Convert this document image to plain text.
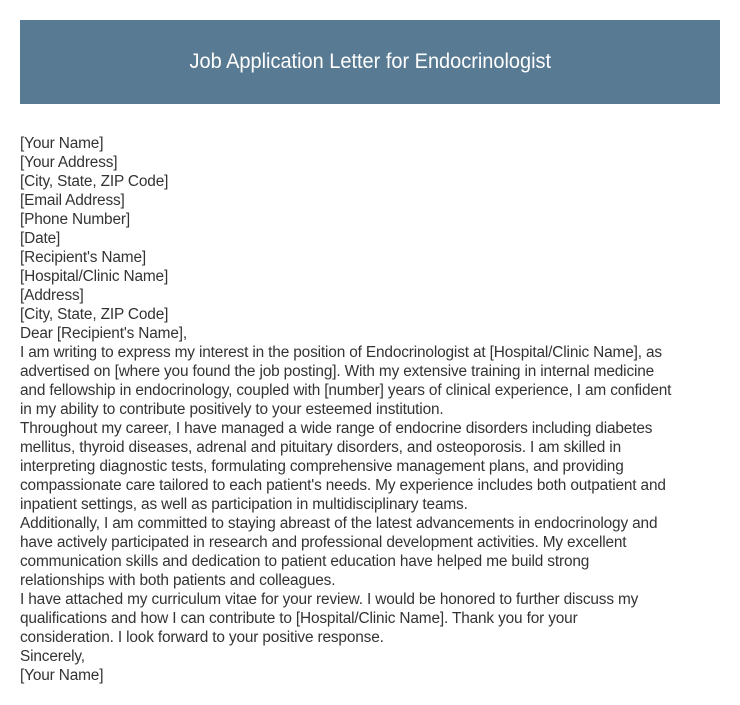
Job Application Letter for Endocrinologist
[Your Name]
[Your Address]
[City, State, ZIP Code]
[Email Address]
[Phone Number]
[Date]
[Recipient's Name]
[Hospital/Clinic Name]
[Address]
[City, State, ZIP Code]
Dear [Recipient's Name],
I am writing to express my interest in the position of Endocrinologist at [Hospital/Clinic Name], as
advertised on [where you found the job posting]. With my extensive training in internal medicine
and fellowship in endocrinology, coupled with [number] years of clinical experience, I am confident
in my ability to contribute positively to your esteemed institution.
Throughout my career, I have managed a wide range of endocrine disorders including diabetes
mellitus, thyroid diseases, adrenal and pituitary disorders, and osteoporosis. I am skilled in
interpreting diagnostic tests, formulating comprehensive management plans, and providing
compassionate care tailored to each patient's needs. My experience includes both outpatient and
inpatient settings, as well as participation in multidisciplinary teams.
Additionally, I am committed to staying abreast of the latest advancements in endocrinology and
have actively participated in research and professional development activities. My excellent
communication skills and dedication to patient education have helped me build strong
relationships with both patients and colleagues.
I have attached my curriculum vitae for your review. I would be honored to further discuss my
qualifications and how I can contribute to [Hospital/Clinic Name]. Thank you for your
consideration. I look forward to your positive response.
Sincerely,
[Your Name]
